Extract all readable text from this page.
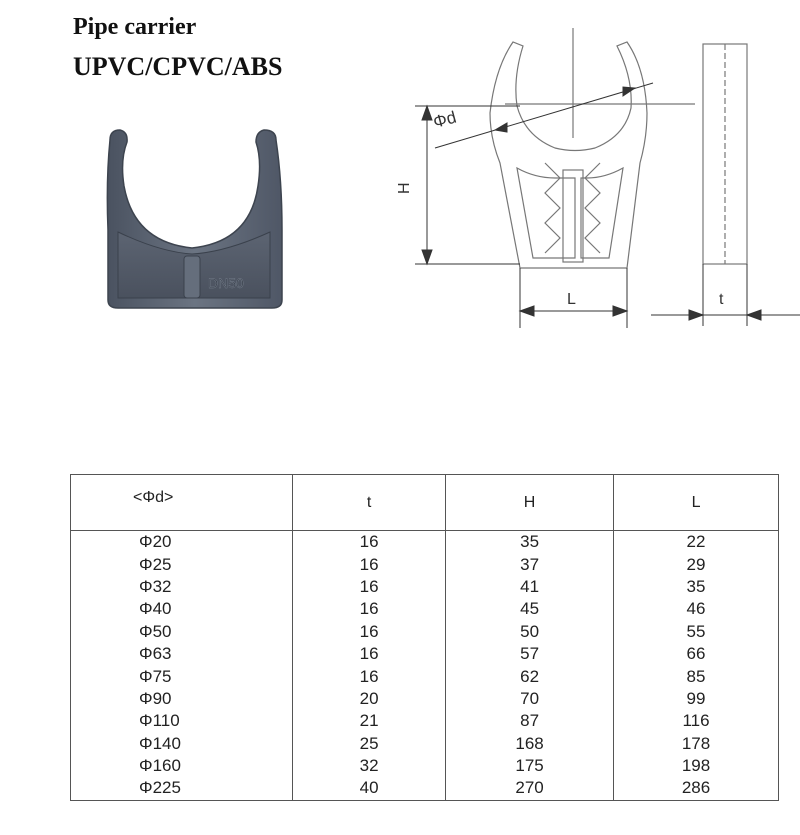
Pipe carrier
UPVC/CPVC/ABS
DN50
Φd
H
L	t
<Φd>	t	H	L
Φ20	16	35	22
Φ25	16	37	29
Φ32	16	41	35
Φ40	16	45	46
Φ50	16	50	55
Φ63	16	57	66
Φ75	16	62	85
Φ90	20	70	99
Φ110	21	87	116
Φ140	25	168	178
Φ160	32	175	198
Φ225	40	270	286
